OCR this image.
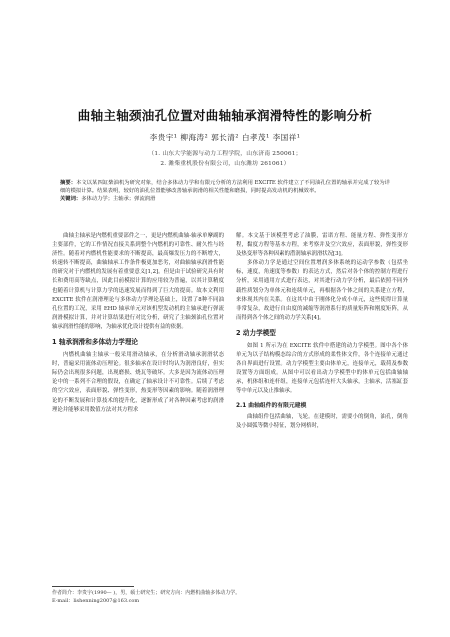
曲轴主轴颈油孔位置对曲轴轴承润滑特性的影响分析
李贵宇¹ 柳海涛² 郭长清² 白孝茂¹ 李国祥¹
（1. 山东大学能源与动力工程学院，山东济南 250061；
2. 潍柴重机股份有限公司，山东潍坊 261061）
摘要：本文以某四缸柴油机为研究对象，结合多体动力学和有限元分析的方法利用 EXCITE 软件建立了不同油孔位置的轴承并完成了较为详细的模拟计算。结果表明，较好的油孔位置能够改善轴承润滑的相关性能和磨损，同时提高发动机的机械效率。
关键词：多体动力学；主轴承；弹流润滑

曲轴主轴承是内燃机重要部件之一，更是内燃机曲轴-轴承单摩副的主要部件，它的工作情况直接关系到整个内燃机的可靠性、耐久性与经济性。随着对内燃机性能要求的不断提高，最高爆发压力的不断增大，转速转不断提高，曲轴轴承工作条件极更加恶劣，对曲轴轴承润滑性能的研究对于内燃机的发展有着重要意义[1,2]。但是由于试验研究具有时长和费用高等缺点，因此目前模拟计算的应用较为普遍，以其计算精度也随着计算机与计算力学的迅速发展而得到了巨大的提高。故本文利用 EXCITE 软件在润滑理论与多体动力学理论基础上，设置了8种不同油孔位置的工况，采用 EHD 轴承单元对该机型发动机的主轴承进行弹流润滑模拟计算，并对计算结果进行对比分析，研究了主轴颈油孔位置对轴承润滑性能的影响，为轴承优化设计提供有益的依据。

1 轴承润滑和多体动力学理论

内燃机曲轴主轴承一般采用滑动轴承，在分析滑动轴承润滑状态时，普遍采用流体动压理论。很多轴承在设计时均认为润滑良好，但实际仍会出现很多问题，出现磨损、烧瓦等破坏。大多是因为流体动压理论中的一系列不合理的假设，在确定了轴承设计不可靠性。后续了考虑的空穴效应，表面形貌、弹性变形，热变形等因素的影响。随着润滑理论的不断发展和计算技术的提升化，逐渐形成了对各种因素考虑的润滑理论并能够采用数值方法对其方程求

解。本文基于该模型考虑了油膜，雷诺方程、能量方程、弹性变形方程，黏度方程等基本方程，来考察并及空穴效应，表面形貌，弹性变形及热变形等各种因素的潜润轴承润滑状况[3]。

多体动力学是通过空间位置增润多体系统的运动学参数（包括坐标，速度，角速度等参数）的表达方式，然后对各个体的控制方程进行分析，采用通用方式进行表达，对其进行动力学分析，最后依照不同外载性质划分为单体元和连续单元，再根据各个体之间的关系建立方程，来体现其内在关系。在这其中由于刚体化分成小单元，这些使得计算量非常复杂，故进行自由度的减缩等润滑系行的质量矩阵和刚度矩阵，从而得到各个体之间的动力学关系[4]。

2 动力学模型

如图 1 所示为在 EXCITE 软件中搭建的动力学模型。图中各个体单元为以子结构模态综合的方式形成的柔性体文件，各个连接单元通过各自界面进行设置。动力学模型主要由体单元，连接单元，载荷及参数设置等方面组成。从图中可以看出动力学模型中的体单元包括曲轴轴承，机体组和连杆组，连接单元包括连杆大头轴承，主轴承，活塞缸套等中单元以及止推轴承。

2.1 曲轴组件的有限元建模

曲轴组件包括曲轴，飞轮。在建模时，需要小的倒角，油孔，倒角及小圆弧等微小特征，划分网格时，

作者简介：李贵宇(1990— )，男，硕士研究生；研究方向：内燃机曲轴多体动力学。
E-mail：lishenning2007@163.com
